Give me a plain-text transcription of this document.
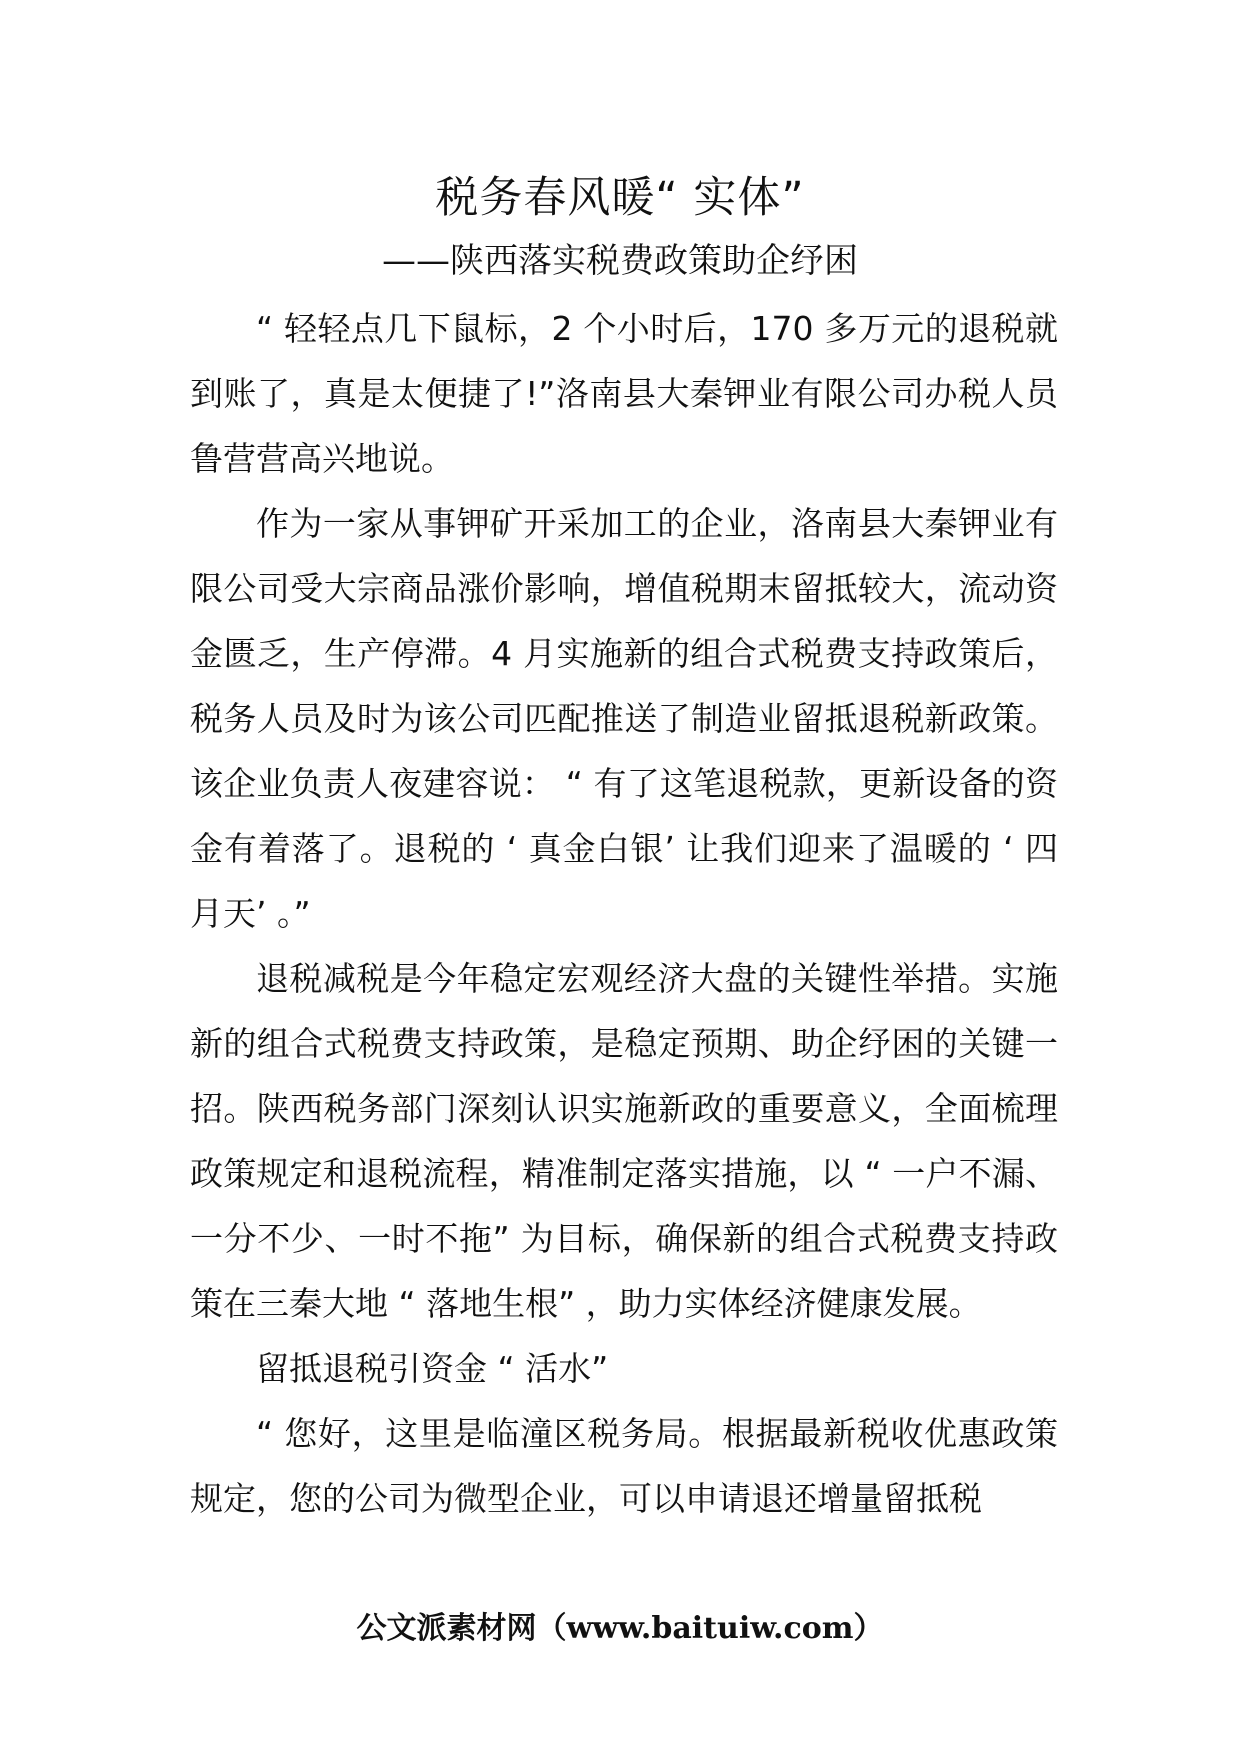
税务春风暖“ 实体”
——陕西落实税费政策助企纾困

“ 轻轻点几下鼠标，2 个小时后，170 多万元的退税就到账了，真是太便捷了!”洛南县大秦钾业有限公司办税人员鲁营营高兴地说。

作为一家从事钾矿开采加工的企业，洛南县大秦钾业有限公司受大宗商品涨价影响，增值税期末留抵较大，流动资金匮乏，生产停滞。4 月实施新的组合式税费支持政策后，税务人员及时为该公司匹配推送了制造业留抵退税新政策。该企业负责人夜建容说： “ 有了这笔退税款，更新设备的资金有着落了。退税的 ‘ 真金白银’ 让我们迎来了温暖的 ‘ 四月天’ 。”

退税减税是今年稳定宏观经济大盘的关键性举措。实施新的组合式税费支持政策，是稳定预期、助企纾困的关键一招。陕西税务部门深刻认识实施新政的重要意义，全面梳理政策规定和退税流程，精准制定落实措施，以 “ 一户不漏、一分不少、一时不拖” 为目标，确保新的组合式税费支持政策在三秦大地 “ 落地生根” ，助力实体经济健康发展。

留抵退税引资金 “ 活水”

“ 您好，这里是临潼区税务局。根据最新税收优惠政策规定，您的公司为微型企业，可以申请退还增量留抵税

公文派素材网（www.baituiw.com）
